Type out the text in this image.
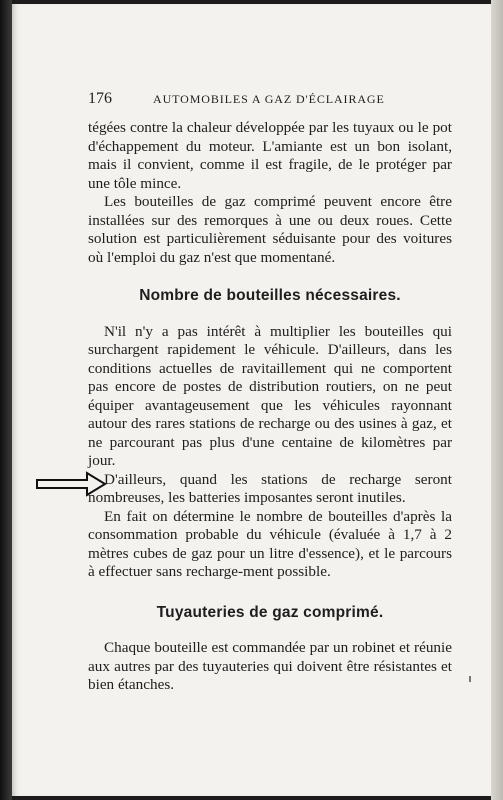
176	AUTOMOBILES A GAZ D'ÉCLAIRAGE

tégées contre la chaleur développée par les tuyaux ou le pot d'échappement du moteur. L'amiante est un bon isolant, mais il convient, comme il est fragile, de le protéger par une tôle mince.

Les bouteilles de gaz comprimé peuvent encore être installées sur des remorques à une ou deux roues. Cette solution est particulièrement séduisante pour des voitures où l'emploi du gaz n'est que momentané.

Nombre de bouteilles nécessaires.

N'il n'y a pas intérêt à multiplier les bouteilles qui surchargent rapidement le véhicule. D'ailleurs, dans les conditions actuelles de ravitaillement qui ne comportent pas encore de postes de distribution routiers, on ne peut équiper avantageusement que les véhicules rayonnant autour des rares stations de recharge ou des usines à gaz, et ne parcourant pas plus d'une centaine de kilomètres par jour.

D'ailleurs, quand les stations de recharge seront nombreuses, les batteries imposantes seront inutiles.

En fait on détermine le nombre de bouteilles d'après la consommation probable du véhicule (évaluée à 1,7 à 2 mètres cubes de gaz pour un litre d'essence), et le parcours à effectuer sans recharge-ment possible.

Tuyauteries de gaz comprimé.

Chaque bouteille est commandée par un robinet et réunie aux autres par des tuyauteries qui doivent être résistantes et bien étanches.
